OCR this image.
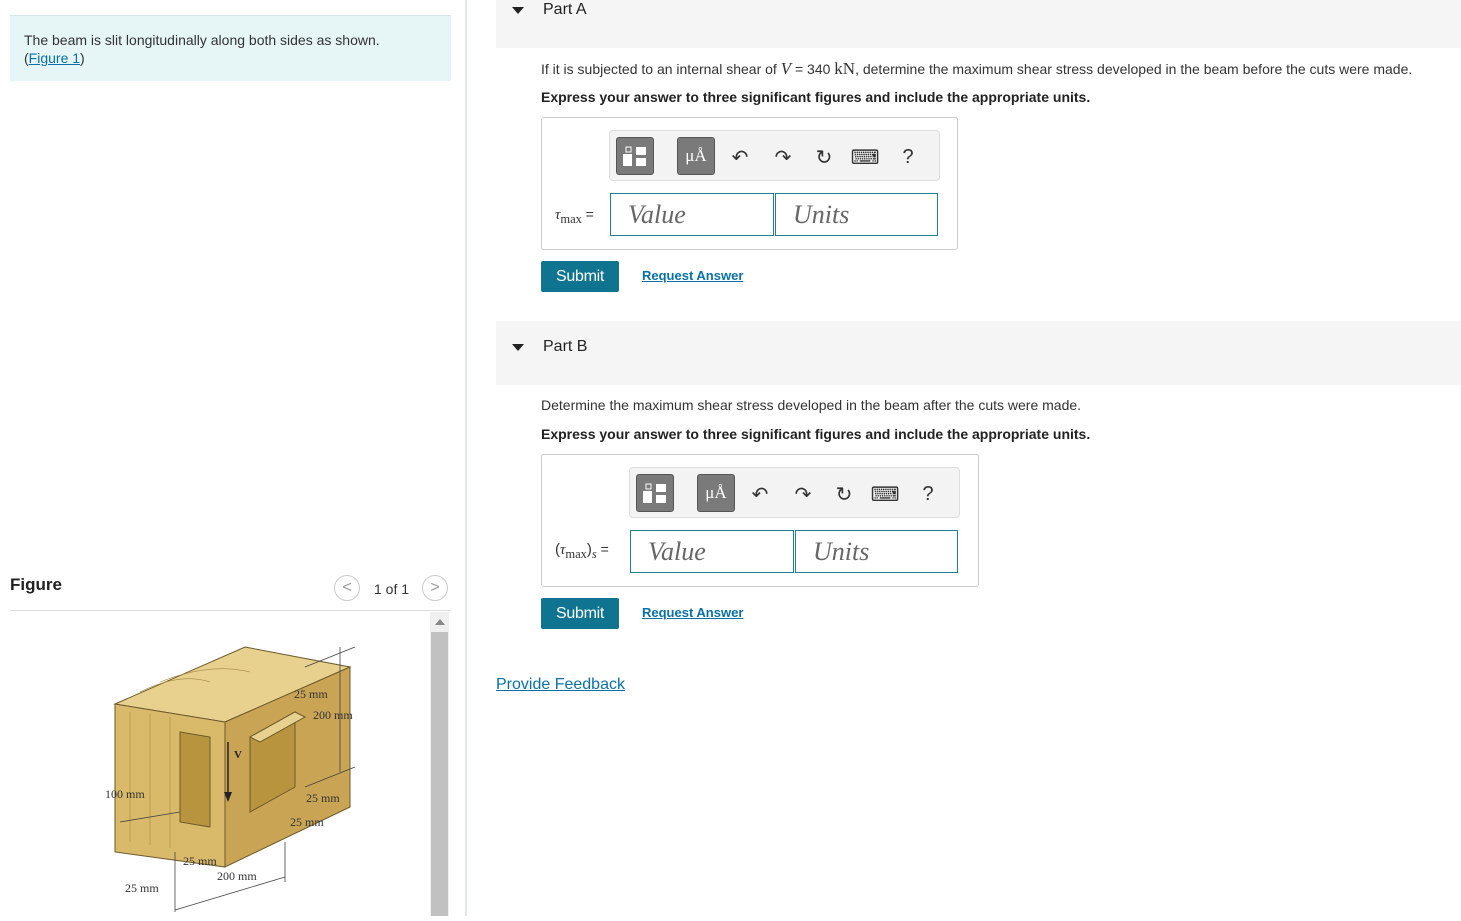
The beam is slit longitudinally along both sides as shown.
(Figure 1)
Figure	< 1 of 1 >
V
25 mm
200 mm
100 mm	25 mm
25 mm
25 mm
200 mm
25 mm
Part A
If it is subjected to an internal shear of V = 340 kN, determine the maximum shear stress developed in the beam before the cuts were made.
Express your answer to three significant figures and include the appropriate units.
μÅ ↶ ↷ ↻ ⌨	?
$\tau_{max}$ =
Value
Units
Submit	Request Answer
Part B
Determine the maximum shear stress developed in the beam after the cuts were made.
Express your answer to three significant figures and include the appropriate units.
μÅ ↶ ↷ ↻ ⌨	?
$(\tau_{max})_s$ =
Value
Units
Submit	Request Answer
Provide Feedback
